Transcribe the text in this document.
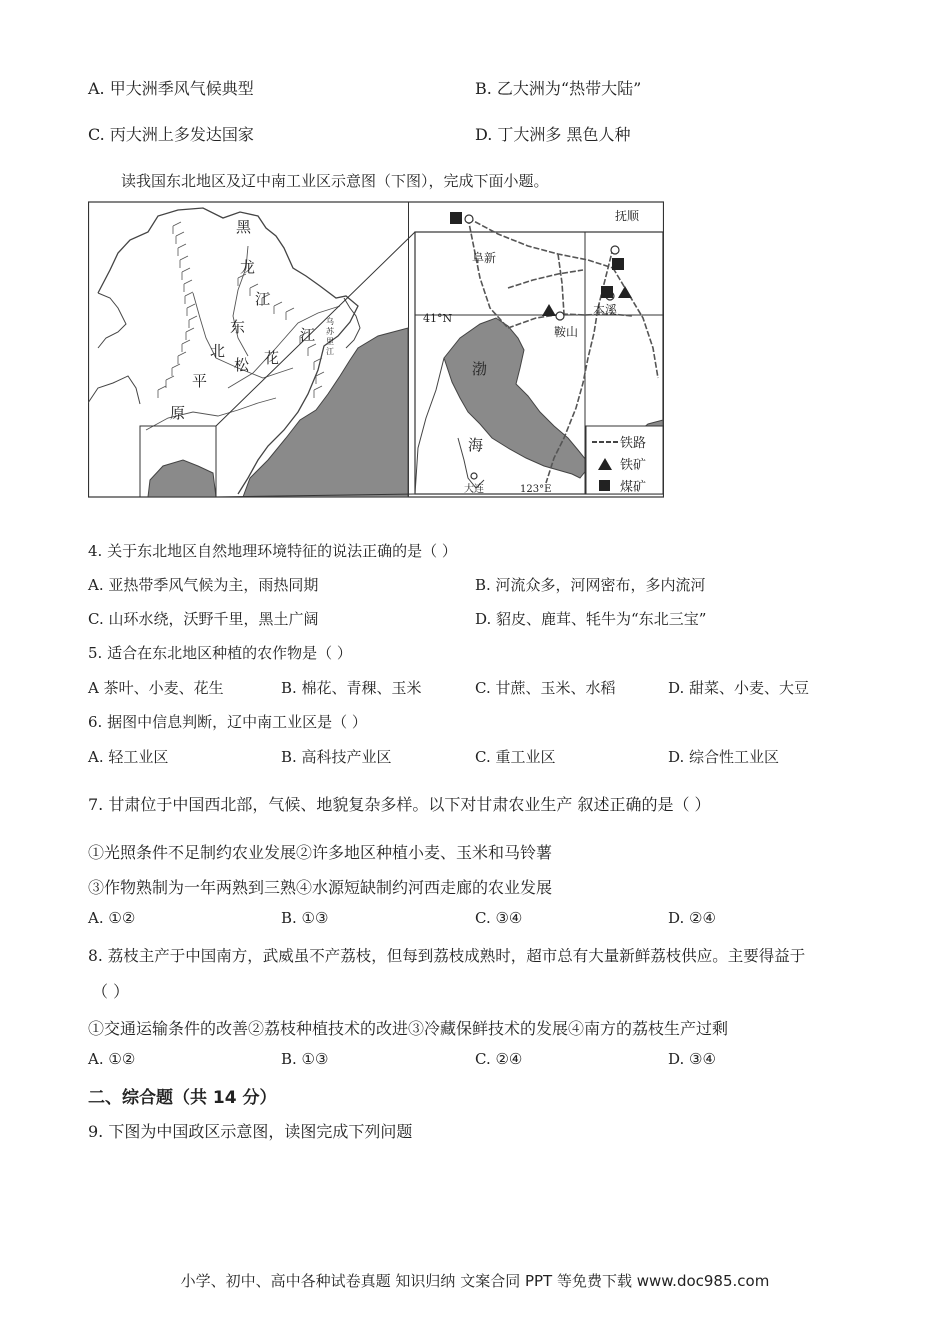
A. 甲大洲季风气候典型	B. 乙大洲为“热带大陆”
C. 丙大洲上多发达国家	D. 丁大洲多 黑色人种
读我国东北地区及辽中南工业区示意图（下图），完成下面小题。
黑
龙
江
东
北
松 花
江
平
原
乌
苏
里
江
阜新
抚顺
本溪
鞍山
41°N
渤
海
大连	123°E
铁路
铁矿
煤矿
4. 关于东北地区自然地理环境特征的说法正确的是（ ）
A. 亚热带季风气候为主，雨热同期	B. 河流众多，河网密布，多内流河
C. 山环水绕，沃野千里，黑土广阔	D. 貂皮、鹿茸、牦牛为“东北三宝”
5. 适合在东北地区种植的农作物是（ ）
A 茶叶、小麦、花生	B. 棉花、青稞、玉米	C. 甘蔗、玉米、水稻	D. 甜菜、小麦、大豆
6. 据图中信息判断，辽中南工业区是（ ）
A. 轻工业区	B. 高科技产业区	C. 重工业区	D. 综合性工业区
7. 甘肃位于中国西北部，气候、地貌复杂多样。以下对甘肃农业生产 叙述正确的是（ ）
①光照条件不足制约农业发展②许多地区种植小麦、玉米和马铃薯
③作物熟制为一年两熟到三熟④水源短缺制约河西走廊的农业发展
A. ①②	B. ①③	C. ③④	D. ②④
8. 荔枝主产于中国南方，武威虽不产荔枝，但每到荔枝成熟时，超市总有大量新鲜荔枝供应。主要得益于
（ ）
①交通运输条件的改善②荔枝种植技术的改进③冷藏保鲜技术的发展④南方的荔枝生产过剩
A. ①②	B. ①③	C. ②④	D. ③④
二、综合题（共 14 分）
9. 下图为中国政区示意图，读图完成下列问题
小学、初中、高中各种试卷真题 知识归纳 文案合同 PPT 等免费下载 www.doc985.com
